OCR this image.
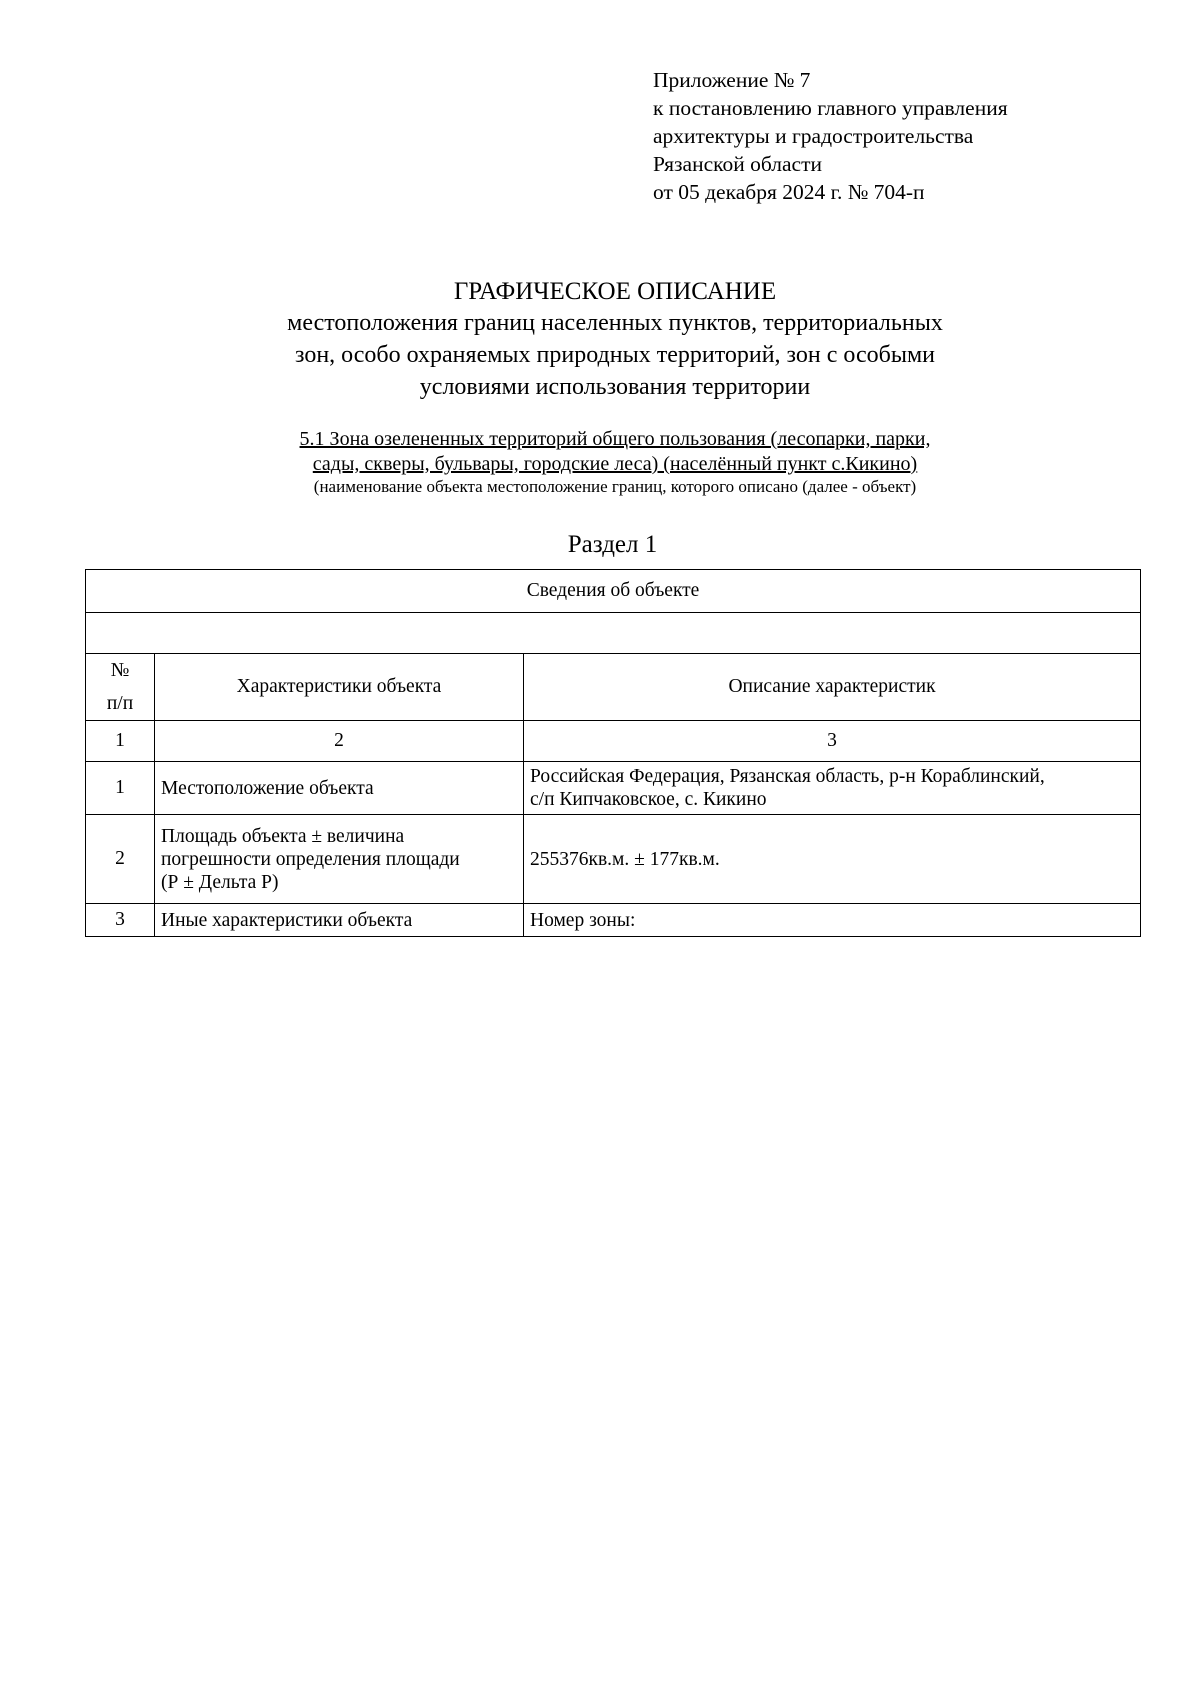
Приложение № 7
к постановлению главного управления
архитектуры и градостроительства
Рязанской области
от 05 декабря 2024 г. № 704-п
ГРАФИЧЕСКОЕ ОПИСАНИЕ
местоположения границ населенных пунктов, территориальных
зон, особо охраняемых природных территорий, зон с особыми
условиями использования территории
5.1 Зона озелененных территорий общего пользования (лесопарки, парки,
сады, скверы, бульвары, городские леса) (населённый пункт с.Кикино)
(наименование объекта местоположение границ, которого описано (далее - объект)
Раздел 1
Сведения об объекте		

№
п/п	Характеристики объекта	Описание характеристик
1	2	3
1	Местоположение объекта	Российская Федерация, Рязанская область, р-н Кораблинский,
с/п Кипчаковское, с. Кикино

2	Площадь объекта ± величина
погрешности определения площади
(Р ± Дельта Р)	255376кв.м. ± 177кв.м.

3	Иные характеристики объекта	Номер зоны:
